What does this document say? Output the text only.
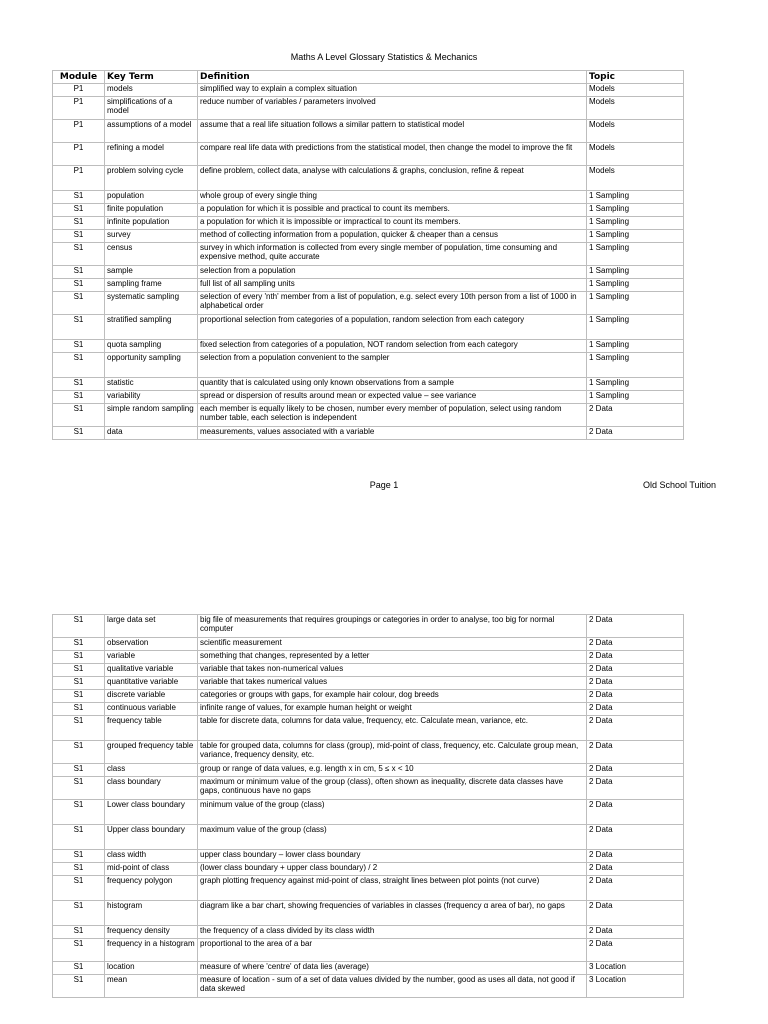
Maths A Level Glossary Statistics & Mechanics
Module	Key Term	Definition	Topic
P1	models	simplified way to explain a complex situation	Models
P1	simplifications of a model	reduce number of variables / parameters involved	Models
P1	assumptions of a model	assume that a real life situation follows a similar pattern to statistical model	Models
P1	refining a model	compare real life data with predictions from the statistical model, then change the model to improve the fit	Models
P1	problem solving cycle	define problem, collect data, analyse with calculations & graphs, conclusion, refine & repeat	Models
S1	population	whole group of every single thing	1 Sampling
S1	finite population	a population for which it is possible and practical to count its members.	1 Sampling
S1	infinite population	a population for which it is impossible or impractical to count its members.	1 Sampling
S1	survey	method of collecting information from a population, quicker & cheaper than a census	1 Sampling
S1	census	survey in which information is collected from every single member of population, time consuming and expensive method, quite accurate	1 Sampling
S1	sample	selection from a population	1 Sampling
S1	sampling frame	full list of all sampling units	1 Sampling
S1	systematic sampling	selection of every 'nth' member from a list of population, e.g. select every 10th person from a list of 1000 in alphabetical order	1 Sampling
S1	stratified sampling	proportional selection from categories of a population, random selection from each category	1 Sampling
S1	quota sampling	fixed selection from categories of a population, NOT random selection from each category	1 Sampling
S1	opportunity sampling	selection from a population convenient to the sampler	1 Sampling
S1	statistic	quantity that is calculated using only known observations from a sample	1 Sampling
S1	variability	spread or dispersion of results around mean or expected value – see variance	1 Sampling
S1	simple random sampling	each member is equally likely to be chosen, number every member of population, select using random number table, each selection is independent	2 Data
S1	data	measurements, values associated with a variable	2 Data
Page 1	Old School Tuition
S1	large data set	big file of measurements that requires groupings or categories in order to analyse, too big for normal computer	2 Data
S1	observation	scientific measurement	2 Data
S1	variable	something that changes, represented by a letter	2 Data
S1	qualitative variable	variable that takes non-numerical values	2 Data
S1	quantitative variable	variable that takes numerical values	2 Data
S1	discrete variable	categories or groups with gaps, for example hair colour, dog breeds	2 Data
S1	continuous variable	infinite range of values, for example human height or weight	2 Data
S1	frequency table	table for discrete data, columns for data value, frequency, etc. Calculate mean, variance, etc.	2 Data
S1	grouped frequency table	table for grouped data, columns for class (group), mid-point of class, frequency, etc. Calculate group mean, variance, frequency density, etc.	2 Data
S1	class	group or range of data values, e.g. length x in cm, 5 ≤ x < 10	2 Data
S1	class boundary	maximum or minimum value of the group (class), often shown as inequality, discrete data classes have gaps, continuous have no gaps	2 Data
S1	Lower class boundary	minimum value of the group (class)	2 Data
S1	Upper class boundary	maximum value of the group (class)	2 Data
S1	class width	upper class boundary – lower class boundary	2 Data
S1	mid-point of class	(lower class boundary + upper class boundary) / 2	2 Data
S1	frequency polygon	graph plotting frequency against mid-point of class, straight lines between plot points (not curve)	2 Data
S1	histogram	diagram like a bar chart, showing frequencies of variables in classes (frequency α area of bar), no gaps	2 Data
S1	frequency density	the frequency of a class divided by its class width	2 Data
S1	frequency in a histogram	proportional to the area of a bar	2 Data
S1	location	measure of where 'centre' of data lies (average)	3 Location
S1	mean	measure of location - sum of a set of data values divided by the number, good as uses all data, not good if data skewed	3 Location
